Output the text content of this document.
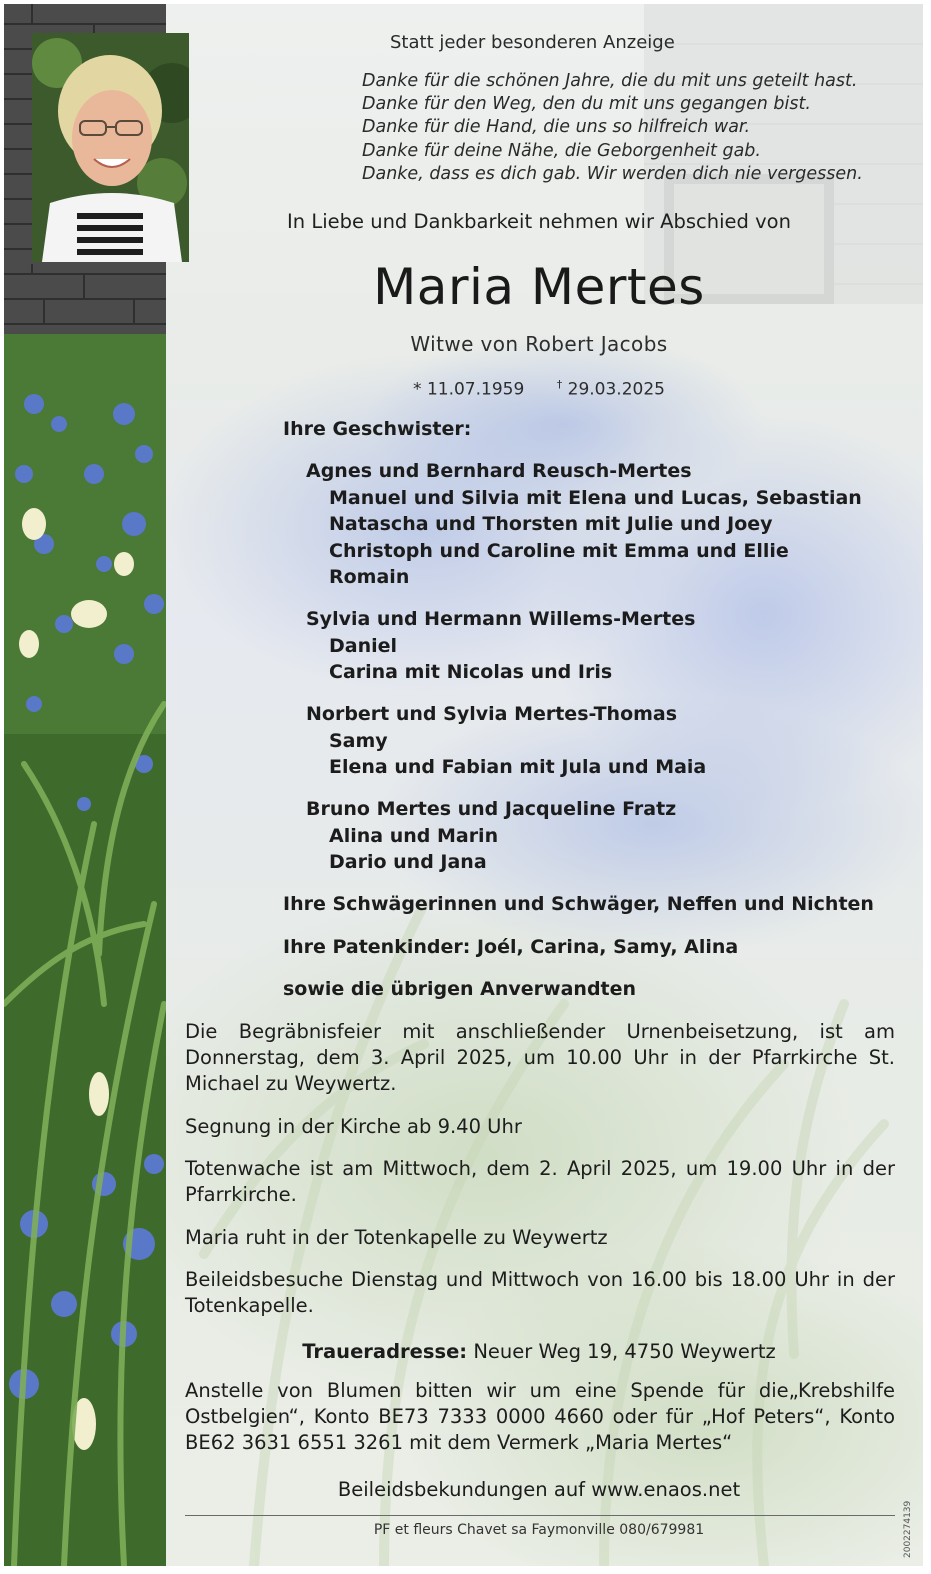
Statt jeder besonderen Anzeige
Danke für die schönen Jahre, die du mit uns geteilt hast.
Danke für den Weg, den du mit uns gegangen bist.
Danke für die Hand, die uns so hilfreich war.
Danke für deine Nähe, die Geborgenheit gab.
Danke, dass es dich gab. Wir werden dich nie vergessen.
In Liebe und Dankbarkeit nehmen wir Abschied von
Maria Mertes
Witwe von Robert Jacobs
* 11.07.1959	† 29.03.2025
Ihre Geschwister:
Agnes und Bernhard Reusch-Mertes
Manuel und Silvia mit Elena und Lucas, Sebastian
Natascha und Thorsten mit Julie und Joey
Christoph und Caroline mit Emma und Ellie
Romain
Sylvia und Hermann Willems-Mertes
Daniel
Carina mit Nicolas und Iris
Norbert und Sylvia Mertes-Thomas
Samy
Elena und Fabian mit Jula und Maia
Bruno Mertes und Jacqueline Fratz
Alina und Marin
Dario und Jana
Ihre Schwägerinnen und Schwäger, Neffen und Nichten
Ihre Patenkinder: Joél, Carina, Samy, Alina
sowie die übrigen Anverwandten
Die Begräbnisfeier mit anschließender Urnenbeisetzung, ist am Donnerstag, dem 3. April 2025, um 10.00 Uhr in der Pfarrkirche St. Michael zu Weywertz.
Segnung in der Kirche ab 9.40 Uhr
Totenwache ist am Mittwoch, dem 2. April 2025, um 19.00 Uhr in der Pfarrkirche.
Maria ruht in der Totenkapelle zu Weywertz
Beileidsbesuche Dienstag und Mittwoch von 16.00 bis 18.00 Uhr in der Totenkapelle.
Traueradresse: Neuer Weg 19, 4750 Weywertz
Anstelle von Blumen bitten wir um eine Spende für die„Krebshilfe Ostbelgien“, Konto BE73 7333 0000 4660 oder für „Hof Peters“, Konto BE62 3631 6551 3261 mit dem Vermerk „Maria Mertes“
Beileidsbekundungen auf www.enaos.net
PF et fleurs Chavet sa Faymonville 080/679981	2002274139
